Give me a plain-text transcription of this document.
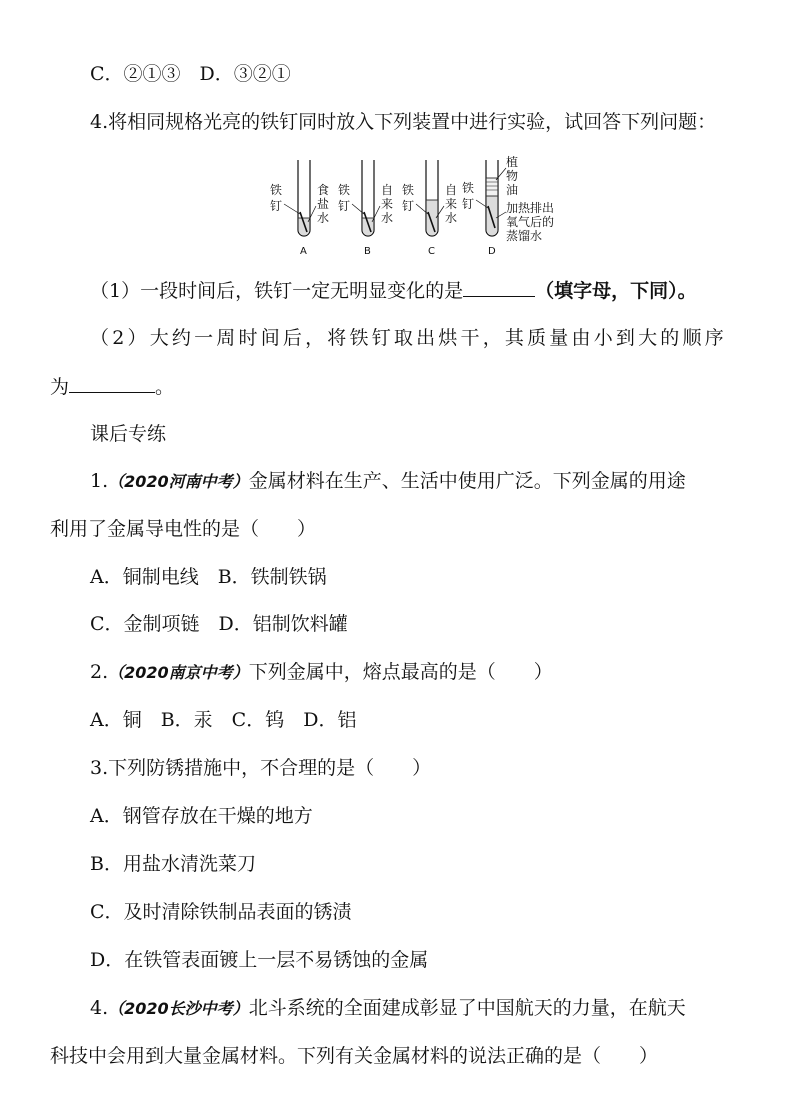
C．②①③　D．③②①
4.将相同规格光亮的铁钉同时放入下列装置中进行实验，试回答下列问题：
铁
钉
食
盐
水
A
铁
钉
自
来
水
B
铁
钉
自
来
水
C
铁
钉
植
物
油
加热排出
氧气后的
蒸馏水
D
（1）一段时间后，铁钉一定无明显变化的是	（填字母，下同）。
（2）大约一周时间后，将铁钉取出烘干，其质量由小到大的顺序
为	。
课后专练
1.（2020河南中考）金属材料在生产、生活中使用广泛。下列金属的用途
利用了金属导电性的是（　　）
A．铜制电线　B．铁制铁锅
C．金制项链　D．铝制饮料罐
2.（2020南京中考）下列金属中，熔点最高的是（　　）
A．铜　B．汞　C．钨　D．铝
3.下列防锈措施中，不合理的是（　　）
A．钢管存放在干燥的地方
B．用盐水清洗菜刀
C．及时清除铁制品表面的锈渍
D．在铁管表面镀上一层不易锈蚀的金属
4.（2020长沙中考）北斗系统的全面建成彰显了中国航天的力量，在航天
科技中会用到大量金属材料。下列有关金属材料的说法正确的是（　　）
